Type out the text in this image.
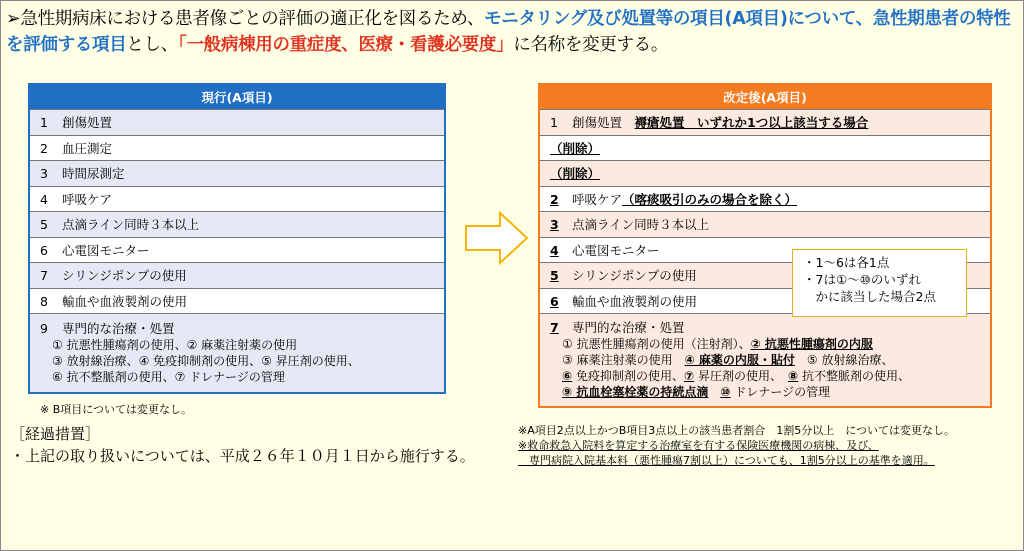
➢急性期病床における患者像ごとの評価の適正化を図るため、モニタリング及び処置等の項目(A項目)について、急性期患者の特性を評価する項目とし、「一般病棟用の重症度、医療・看護必要度」に名称を変更する。
現行(A項目)
1 創傷処置
2 血圧測定
3 時間尿測定
4 呼吸ケア
5 点滴ライン同時３本以上
6 心電図モニター
7 シリンジポンプの使用
8 輸血や血液製剤の使用

9 専門的な治療・処置
① 抗悪性腫瘍剤の使用、② 麻薬注射薬の使用
③ 放射線治療、④ 免疫抑制剤の使用、⑤ 昇圧剤の使用、
⑥ 抗不整脈剤の使用、⑦ ドレナージの管理
※ B項目については変更なし。
改定後(A項目)
1 創傷処置　 褥瘡処置　いずれか1つ以上該当する場合
（削除）
（削除）
2 呼吸ケア（喀痰吸引のみの場合を除く）
3 点滴ライン同時３本以上
4 心電図モニター
5 シリンジポンプの使用
6 輸血や血液製剤の使用

7 専門的な治療・処置
① 抗悪性腫瘍剤の使用（注射剤）、② 抗悪性腫瘍剤の内服
③ 麻薬注射薬の使用　④ 麻薬の内服・貼付　⑤ 放射線治療、
⑥ 免疫抑制剤の使用、⑦ 昇圧剤の使用、　⑧ 抗不整脈剤の使用、
⑨ 抗血栓塞栓薬の持続点滴　 ⑩ ドレナージの管理
・1～6は各1点
・7は①～⑩のいずれ
　かに該当した場合2点
［経過措置］
・上記の取り扱いについては、平成２６年１０月１日から施行する。
※A項目2点以上かつB項目3点以上の該当患者割合　1割5分以上　については変更なし。
※救命救急入院料を算定する治療室を有する保険医療機関の病棟、及び、
　専門病院入院基本料（悪性腫瘍7割以上）についても、1割5分以上の基準を適用。
